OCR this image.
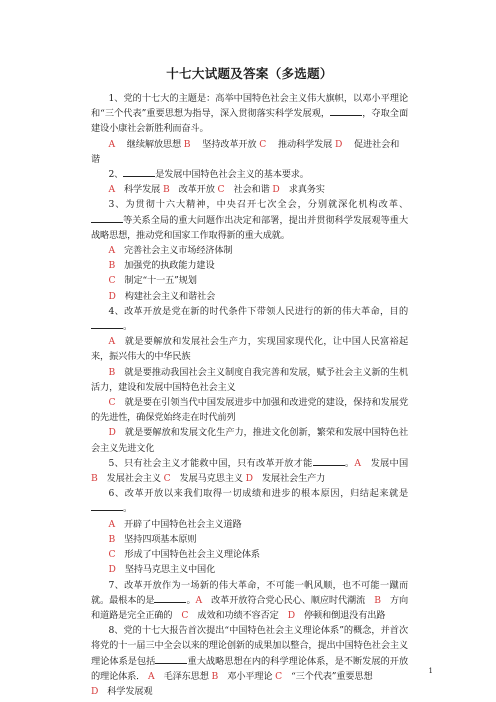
十七大试题及答案（多选题）

1、党的十七大的主题是：高举中国特色社会主义伟大旗帜，以邓小平理论和“三个代表”重要思想为指导，深入贯彻落实科学发展观，	，夺取全面建设小康社会新胜利而奋斗。

A　 继续解放思想 B 　 坚持改革开放 C 　 推动科学发展 D　 促进社会和谐

2、	是发展中国特色社会主义的基本要求。

A　 科学发展 B　 改革开放 C　 社会和谐 D　 求真务实

3、为贯彻十六大精神，中央召开七次全会，分别就深化机构改革、等关系全局的重大问题作出决定和部署，提出并贯彻科学发展观等重大战略思想，推动党和国家工作取得新的重大成就。

A　 完善社会主义市场经济体制

B　 加强党的执政能力建设

C　 制定“十一五”规划

D　 构建社会主义和谐社会

4、改革开放是党在新的时代条件下带领人民进行的新的伟大革命，目的。

A　 就是要解放和发展社会生产力，实现国家现代化，让中国人民富裕起来，振兴伟大的中华民族

B　 就是要推动我国社会主义制度自我完善和发展，赋予社会主义新的生机活力，建设和发展中国特色社会主义

C　 就是要在引领当代中国发展进步中加强和改进党的建设，保持和发展党的先进性，确保党始终走在时代前列

D　 就是要解放和发展文化生产力，推进文化创新，繁荣和发展中国特色社会主义先进文化

5、只有社会主义才能救中国，只有改革开放才能	。A　 发展中国　B　 发展社会主义 C　 发展马克思主义 D　 发展社会生产力

6、改革开放以来我们取得一切成绩和进步的根本原因，归结起来就是。

A　 开辟了中国特色社会主义道路

B　 坚持四项基本原则

C　 形成了中国特色社会主义理论体系

D　 坚持马克思主义中国化

7、改革开放作为一场新的伟大革命，不可能一帆风顺，也不可能一蹴而就。最根本的是	。A　 改革开放符合党心民心、顺应时代潮流　 B　 方向和道路是完全正确的　 C　 成效和功绩不容否定　 D　 停顿和倒退没有出路

8、党的十七大报告首次提出“中国特色社会主义理论体系”的概念，并首次将党的十一届三中全会以来的理论创新的成果加以整合，提出中国特色社会主义理论体系是包括	重大战略思想在内的科学理论体系，是不断发展的开放的理论体系． A　 毛泽东思想 B　 邓小平理论 C　 “三个代表”重要思想

D　 科学发展观

1
